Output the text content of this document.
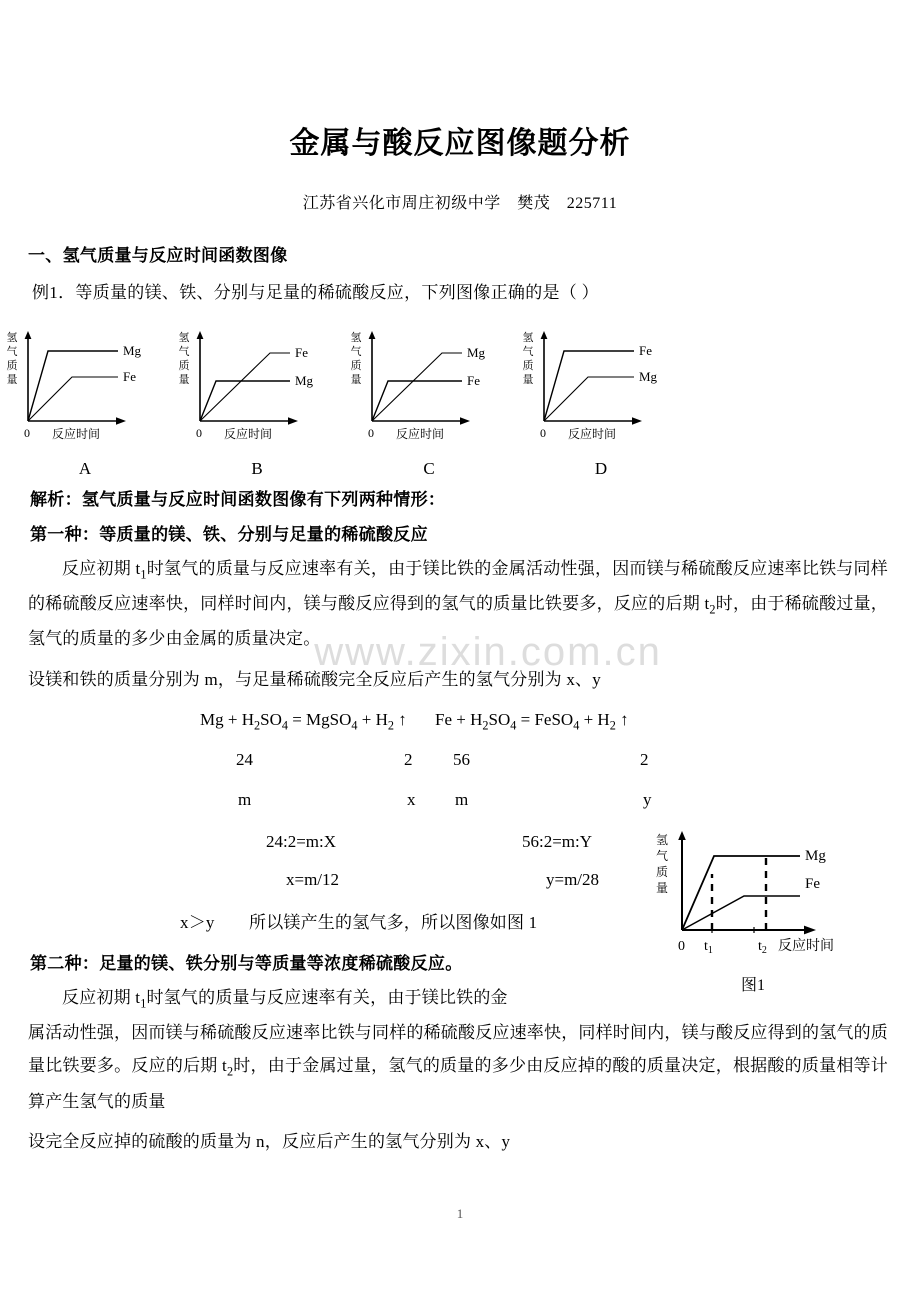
www.zixin.com.cn
金属与酸反应图像题分析

江苏省兴化市周庄初级中学　樊茂　225711

一、氢气质量与反应时间函数图像

例1．等质量的镁、铁、分别与足量的稀硫酸反应，下列图像正确的是（ ）

氢
气
质
量
Mg
Fe
0 反应时间
A
氢
气
质
量
Fe
Mg
0 反应时间
B
氢
气
质
量
Mg
Fe
0 反应时间
C
氢
气
质
量
Fe
Mg
0 反应时间
D

解析：氢气质量与反应时间函数图像有下列两种情形：

第一种：等质量的镁、铁、分别与足量的稀硫酸反应

反应初期 $t_1$时氢气的质量与反应速率有关，由于镁比铁的金属活动性强，因而镁与稀硫酸反应速率比铁与同样的稀硫酸反应速率快，同样时间内，镁与酸反应得到的氢气的质量比铁要多，反应的后期 $t_2$时，由于稀硫酸过量，氢气的质量的多少由金属的质量决定。

设镁和铁的质量分别为 m，与足量稀硫酸完全反应后产生的氢气分别为 x、y

$Mg + H_2SO_4$ = MgSO$_4$ + $H_2$ ↑ $Fe + H_2SO_4$ = FeSO$_4$ + $H_2$ ↑
24	2 56	2
m	x m	y
24:2=m:X	56:2=m:Y
x=m/12	y=m/28

x＞y　　所以镁产生的氢气多，所以图像如图 1

第二种：足量的镁、铁分别与等质量等浓度稀硫酸反应。

反应初期 $t_1$时氢气的质量与反应速率有关，由于镁比铁的金

属活动性强，因而镁与稀硫酸反应速率比铁与同样的稀硫酸反应速率快，同样时间内，镁与酸反应得到的氢气的质量比铁要多。反应的后期 $t_2$时，由于金属过量，氢气的质量的多少由反应掉的酸的质量决定，根据酸的质量相等计算产生氢气的质量

设完全反应掉的硫酸的质量为 n，反应后产生的氢气分别为 x、y

氢
气
质
量
Mg
Fe
0 $t_1$	$t_2$ 反应时间
图1
1
